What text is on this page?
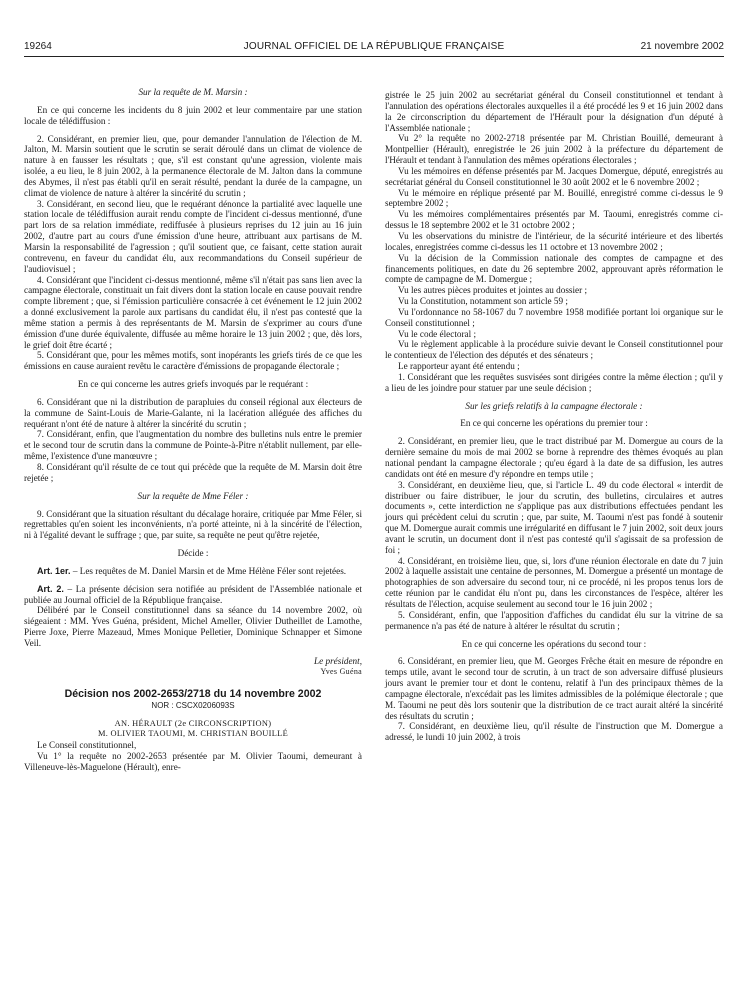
19264	JOURNAL OFFICIEL DE LA RÉPUBLIQUE FRANÇAISE	21 novembre 2002

Sur la requête de M. Marsin :

En ce qui concerne les incidents du 8 juin 2002 et leur commentaire par une station locale de télédiffusion :

2. Considérant, en premier lieu, que, pour demander l'annulation de l'élection de M. Jalton, M. Marsin soutient que le scrutin se serait déroulé dans un climat de violence de nature à en fausser les résultats ; que, s'il est constant qu'une agression, violente mais isolée, a eu lieu, le 8 juin 2002, à la permanence électorale de M. Jalton dans la commune des Abymes, il n'est pas établi qu'il en serait résulté, pendant la durée de la campagne, un climat de violence de nature à altérer la sincérité du scrutin ;

3. Considérant, en second lieu, que le requérant dénonce la partialité avec laquelle une station locale de télédiffusion aurait rendu compte de l'incident ci-dessus mentionné, d'une part lors de sa relation immédiate, rediffusée à plusieurs reprises du 12 juin au 16 juin 2002, d'autre part au cours d'une émission d'une heure, attribuant aux partisans de M. Marsin la responsabilité de l'agression ; qu'il soutient que, ce faisant, cette station aurait contrevenu, en faveur du candidat élu, aux recommandations du Conseil supérieur de l'audiovisuel ;

4. Considérant que l'incident ci-dessus mentionné, même s'il n'était pas sans lien avec la campagne électorale, constituait un fait divers dont la station locale en cause pouvait rendre compte librement ; que, si l'émission particulière consacrée à cet événement le 12 juin 2002 a donné exclusivement la parole aux partisans du candidat élu, il n'est pas contesté que la même station a permis à des représentants de M. Marsin de s'exprimer au cours d'une émission d'une durée équivalente, diffusée au même horaire le 13 juin 2002 ; que, dès lors, le grief doit être écarté ;

5. Considérant que, pour les mêmes motifs, sont inopérants les griefs tirés de ce que les émissions en cause auraient revêtu le caractère d'émissions de propagande électorale ;

En ce qui concerne les autres griefs invoqués par le requérant :

6. Considérant que ni la distribution de parapluies du conseil régional aux électeurs de la commune de Saint-Louis de Marie-Galante, ni la lacération alléguée des affiches du requérant n'ont été de nature à altérer la sincérité du scrutin ;

7. Considérant, enfin, que l'augmentation du nombre des bulletins nuls entre le premier et le second tour de scrutin dans la commune de Pointe-à-Pitre n'établit nullement, par elle-même, l'existence d'une manœuvre ;

8. Considérant qu'il résulte de ce tout qui précède que la requête de M. Marsin doit être rejetée ;

Sur la requête de Mme Féler :

9. Considérant que la situation résultant du décalage horaire, critiquée par Mme Féler, si regrettables qu'en soient les inconvénients, n'a porté atteinte, ni à la sincérité de l'élection, ni à l'égalité devant le suffrage ; que, par suite, sa requête ne peut qu'être rejetée,

Décide :

Art. 1er. – Les requêtes de M. Daniel Marsin et de Mme Hélène Féler sont rejetées.

Art. 2. – La présente décision sera notifiée au président de l'Assemblée nationale et publiée au Journal officiel de la République française.

Délibéré par le Conseil constitutionnel dans sa séance du 14 novembre 2002, où siégeaient : MM. Yves Guéna, président, Michel Ameller, Olivier Dutheillet de Lamothe, Pierre Joxe, Pierre Mazeaud, Mmes Monique Pelletier, Dominique Schnapper et Simone Veil.

Le président,

Yves Guéna

Décision nos 2002-2653/2718 du 14 novembre 2002

NOR : CSCX0206093S

AN. HÉRAULT (2e CIRCONSCRIPTION)

M. OLIVIER TAOUMI, M. CHRISTIAN BOUILLÉ

Le Conseil constitutionnel,

Vu 1° la requête no 2002-2653 présentée par M. Olivier Taoumi, demeurant à Villeneuve-lès-Maguelone (Hérault), enre-

gistrée le 25 juin 2002 au secrétariat général du Conseil constitutionnel et tendant à l'annulation des opérations électorales auxquelles il a été procédé les 9 et 16 juin 2002 dans la 2e circonscription du département de l'Hérault pour la désignation d'un député à l'Assemblée nationale ;

Vu 2° la requête no 2002-2718 présentée par M. Christian Bouillé, demeurant à Montpellier (Hérault), enregistrée le 26 juin 2002 à la préfecture du département de l'Hérault et tendant à l'annulation des mêmes opérations électorales ;

Vu les mémoires en défense présentés par M. Jacques Domergue, député, enregistrés au secrétariat général du Conseil constitutionnel le 30 août 2002 et le 6 novembre 2002 ;

Vu le mémoire en réplique présenté par M. Bouillé, enregistré comme ci-dessus le 9 septembre 2002 ;

Vu les mémoires complémentaires présentés par M. Taoumi, enregistrés comme ci-dessus le 18 septembre 2002 et le 31 octobre 2002 ;

Vu les observations du ministre de l'intérieur, de la sécurité intérieure et des libertés locales, enregistrées comme ci-dessus les 11 octobre et 13 novembre 2002 ;

Vu la décision de la Commission nationale des comptes de campagne et des financements politiques, en date du 26 septembre 2002, approuvant après réformation le compte de campagne de M. Domergue ;

Vu les autres pièces produites et jointes au dossier ;

Vu la Constitution, notamment son article 59 ;

Vu l'ordonnance no 58-1067 du 7 novembre 1958 modifiée portant loi organique sur le Conseil constitutionnel ;

Vu le code électoral ;

Vu le règlement applicable à la procédure suivie devant le Conseil constitutionnel pour le contentieux de l'élection des députés et des sénateurs ;

Le rapporteur ayant été entendu ;

1. Considérant que les requêtes susvisées sont dirigées contre la même élection ; qu'il y a lieu de les joindre pour statuer par une seule décision ;

Sur les griefs relatifs à la campagne électorale :

En ce qui concerne les opérations du premier tour :

2. Considérant, en premier lieu, que le tract distribué par M. Domergue au cours de la dernière semaine du mois de mai 2002 se borne à reprendre des thèmes évoqués au plan national pendant la campagne électorale ; qu'eu égard à la date de sa diffusion, les autres candidats ont été en mesure d'y répondre en temps utile ;

3. Considérant, en deuxième lieu, que, si l'article L. 49 du code électoral « interdit de distribuer ou faire distribuer, le jour du scrutin, des bulletins, circulaires et autres documents », cette interdiction ne s'applique pas aux distributions effectuées pendant les jours qui précèdent celui du scrutin ; que, par suite, M. Taoumi n'est pas fondé à soutenir que M. Domergue aurait commis une irrégularité en diffusant le 7 juin 2002, soit deux jours avant le scrutin, un document dont il n'est pas contesté qu'il s'agissait de sa profession de foi ;

4. Considérant, en troisième lieu, que, si, lors d'une réunion électorale en date du 7 juin 2002 à laquelle assistait une centaine de personnes, M. Domergue a présenté un montage de photographies de son adversaire du second tour, ni ce procédé, ni les propos tenus lors de cette réunion par le candidat élu n'ont pu, dans les circonstances de l'espèce, altérer les résultats de l'élection, acquise seulement au second tour le 16 juin 2002 ;

5. Considérant, enfin, que l'apposition d'affiches du candidat élu sur la vitrine de sa permanence n'a pas été de nature à altérer le résultat du scrutin ;

En ce qui concerne les opérations du second tour :

6. Considérant, en premier lieu, que M. Georges Frêche était en mesure de répondre en temps utile, avant le second tour de scrutin, à un tract de son adversaire diffusé plusieurs jours avant le premier tour et dont le contenu, relatif à l'un des principaux thèmes de la campagne électorale, n'excédait pas les limites admissibles de la polémique électorale ; que M. Taoumi ne peut dès lors soutenir que la distribution de ce tract aurait altéré la sincérité des résultats du scrutin ;

7. Considérant, en deuxième lieu, qu'il résulte de l'instruction que M. Domergue a adressé, le lundi 10 juin 2002, à trois
